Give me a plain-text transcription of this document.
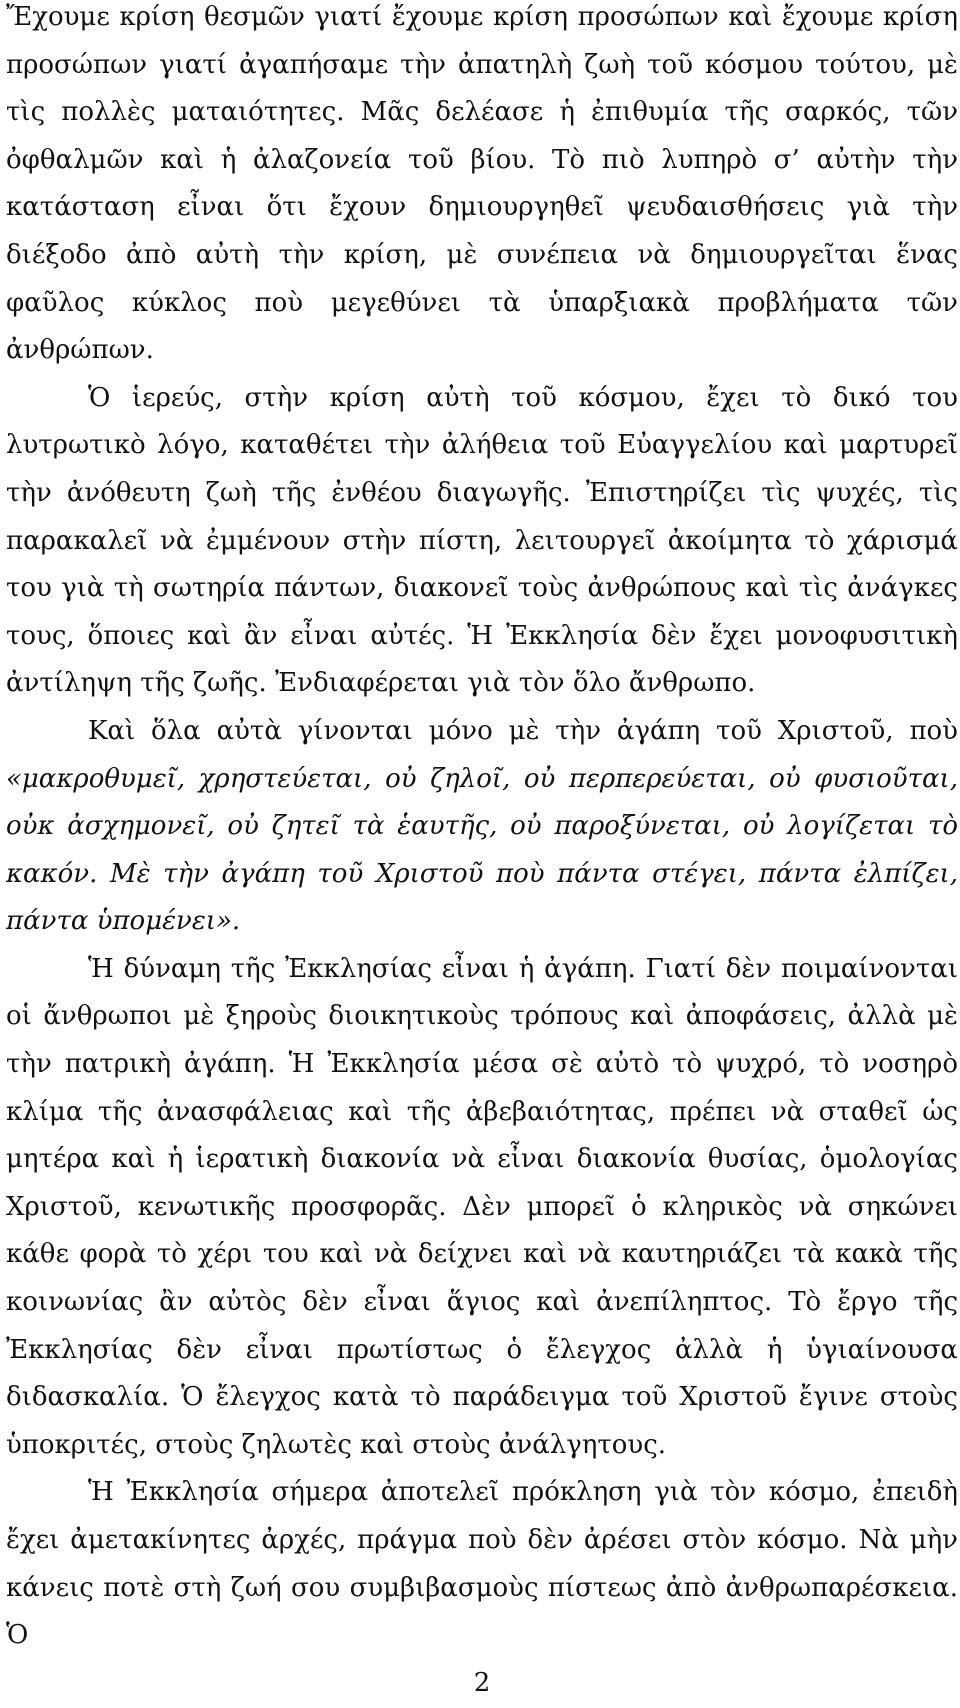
Ἔχουμε κρίση θεσμῶν γιατί ἔχουμε κρίση προσώπων καὶ ἔχουμε κρίση προσώπων γιατί ἀγαπήσαμε τὴν ἀπατηλὴ ζωὴ τοῦ κόσμου τούτου, μὲ τὶς πολλὲς ματαιότητες. Μᾶς δελέασε ἡ ἐπιθυμία τῆς σαρκός, τῶν ὀφθαλμῶν καὶ ἡ ἀλαζονεία τοῦ βίου. Τὸ πιὸ λυπηρὸ σ’ αὐτὴν τὴν κατάσταση εἶναι ὅτι ἔχουν δημιουργηθεῖ ψευδαισθήσεις γιὰ τὴν διέξοδο ἀπὸ αὐτὴ τὴν κρίση, μὲ συνέπεια νὰ δημιουργεῖται ἕνας φαῦλος κύκλος ποὺ μεγεθύνει τὰ ὑπαρξιακὰ προβλήματα τῶν ἀνθρώπων.

Ὁ ἱερεύς, στὴν κρίση αὐτὴ τοῦ κόσμου, ἔχει τὸ δικό του λυτρωτικὸ λόγο, καταθέτει τὴν ἀλήθεια τοῦ Εὐαγγελίου καὶ μαρτυρεῖ τὴν ἀνόθευτη ζωὴ τῆς ἐνθέου διαγωγῆς. Ἐπιστηρίζει τὶς ψυχές, τὶς παρακαλεῖ νὰ ἐμμένουν στὴν πίστη, λειτουργεῖ ἀκοίμητα τὸ χάρισμά του γιὰ τὴ σωτηρία πάντων, διακονεῖ τοὺς ἀνθρώπους καὶ τὶς ἀνάγκες τους, ὅποιες καὶ ἂν εἶναι αὐτές. Ἡ Ἐκκλησία δὲν ἔχει μονοφυσιτικὴ ἀντίληψη τῆς ζωῆς. Ἐνδιαφέρεται γιὰ τὸν ὅλο ἄνθρωπο.

Καὶ ὅλα αὐτὰ γίνονται μόνο μὲ τὴν ἀγάπη τοῦ Χριστοῦ, ποὺ «μακροθυμεῖ, χρηστεύεται, οὐ ζηλοῖ, οὐ περπερεύεται, οὐ φυσιοῦται, οὐκ ἀσχημονεῖ, οὐ ζητεῖ τὰ ἑαυτῆς, οὐ παροξύνεται, οὐ λογίζεται τὸ κακόν. Μὲ τὴν ἀγάπη τοῦ Χριστοῦ ποὺ πάντα στέγει, πάντα ἐλπίζει, πάντα ὑπομένει».

Ἡ δύναμη τῆς Ἐκκλησίας εἶναι ἡ ἀγάπη. Γιατί δὲν ποιμαίνονται οἱ ἄνθρωποι μὲ ξηροὺς διοικητικοὺς τρόπους καὶ ἀποφάσεις, ἀλλὰ μὲ τὴν πατρικὴ ἀγάπη. Ἡ Ἐκκλησία μέσα σὲ αὐτὸ τὸ ψυχρό, τὸ νοσηρὸ κλίμα τῆς ἀνασφάλειας καὶ τῆς ἀβεβαιότητας, πρέπει νὰ σταθεῖ ὡς μητέρα καὶ ἡ ἱερατικὴ διακονία νὰ εἶναι διακονία θυσίας, ὁμολογίας Χριστοῦ, κενωτικῆς προσφορᾶς. Δὲν μπορεῖ ὁ κληρικὸς νὰ σηκώνει κάθε φορὰ τὸ χέρι του καὶ νὰ δείχνει καὶ νὰ καυτηριάζει τὰ κακὰ τῆς κοινωνίας ἂν αὐτὸς δὲν εἶναι ἅγιος καὶ ἀνεπίληπτος. Τὸ ἔργο τῆς Ἐκκλησίας δὲν εἶναι πρωτίστως ὁ ἔλεγχος ἀλλὰ ἡ ὑγιαίνουσα διδασκαλία. Ὁ ἔλεγχος κατὰ τὸ παράδειγμα τοῦ Χριστοῦ ἔγινε στοὺς ὑποκριτές, στοὺς ζηλωτὲς καὶ στοὺς ἀνάλγητους.

Ἡ Ἐκκλησία σήμερα ἀποτελεῖ πρόκληση γιὰ τὸν κόσμο, ἐπειδὴ ἔχει ἀμετακίνητες ἀρχές, πράγμα ποὺ δὲν ἀρέσει στὸν κόσμο. Νὰ μὴν κάνεις ποτὲ στὴ ζωή σου συμβιβασμοὺς πίστεως ἀπὸ ἀνθρωπαρέσκεια. Ὁ

2
